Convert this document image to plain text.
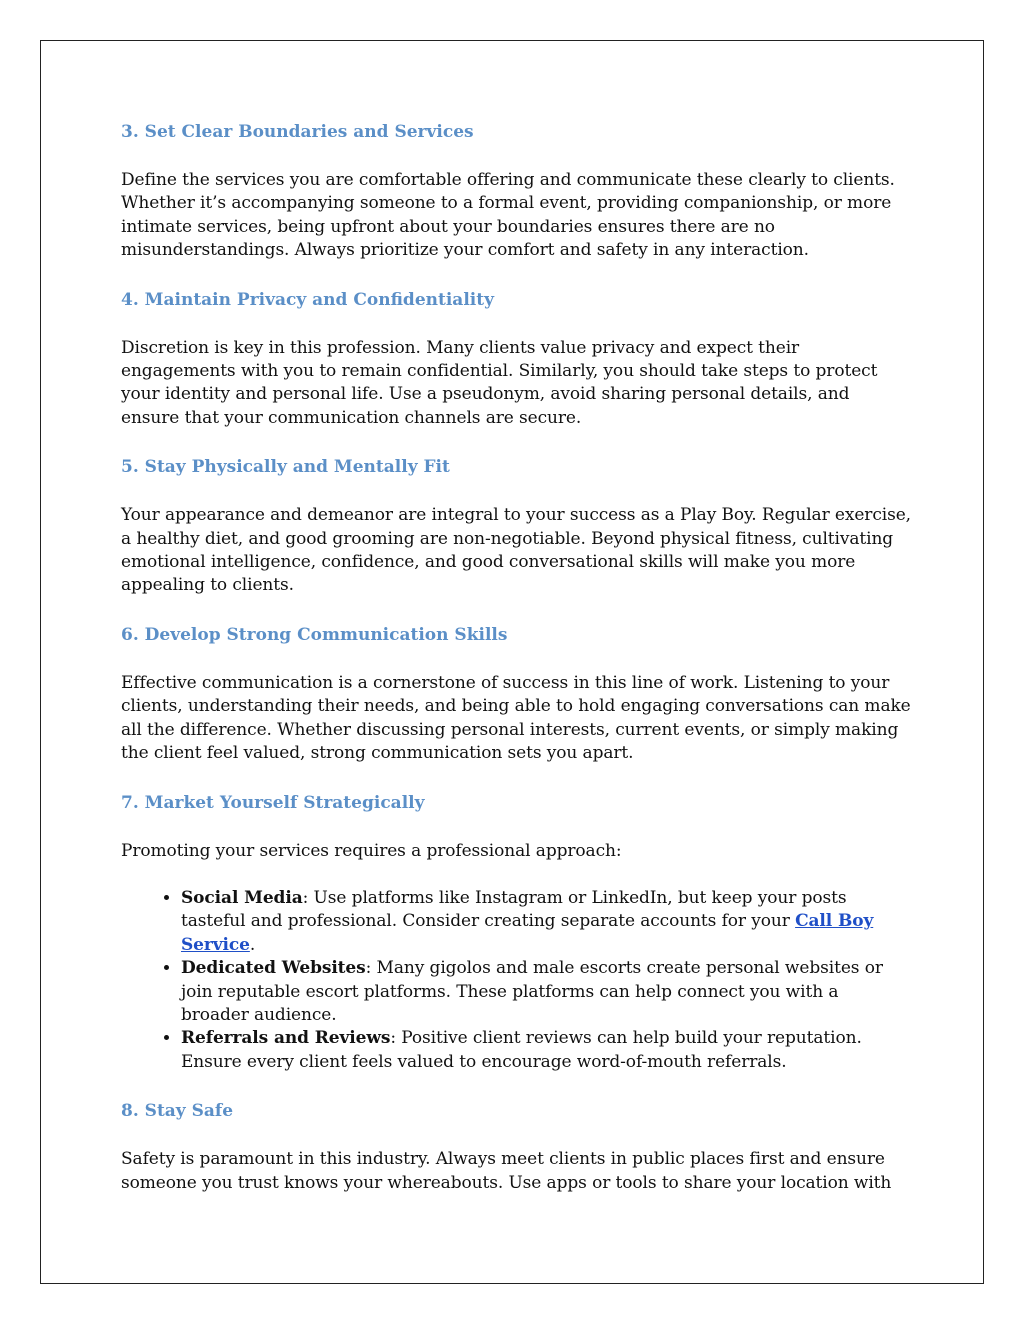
3. Set Clear Boundaries and Services

Define the services you are comfortable offering and communicate these clearly to clients. Whether it’s accompanying someone to a formal event, providing companionship, or more intimate services, being upfront about your boundaries ensures there are no misunderstandings. Always prioritize your comfort and safety in any interaction.

4. Maintain Privacy and Confidentiality

Discretion is key in this profession. Many clients value privacy and expect their engagements with you to remain confidential. Similarly, you should take steps to protect your identity and personal life. Use a pseudonym, avoid sharing personal details, and ensure that your communication channels are secure.

5. Stay Physically and Mentally Fit

Your appearance and demeanor are integral to your success as a Play Boy. Regular exercise, a healthy diet, and good grooming are non-negotiable. Beyond physical fitness, cultivating emotional intelligence, confidence, and good conversational skills will make you more appealing to clients.

6. Develop Strong Communication Skills

Effective communication is a cornerstone of success in this line of work. Listening to your clients, understanding their needs, and being able to hold engaging conversations can make all the difference. Whether discussing personal interests, current events, or simply making the client feel valued, strong communication sets you apart.

7. Market Yourself Strategically

Promoting your services requires a professional approach:

• Social Media: Use platforms like Instagram or LinkedIn, but keep your posts tasteful and professional. Consider creating separate accounts for your Call Boy Service.
• Dedicated Websites: Many gigolos and male escorts create personal websites or join reputable escort platforms. These platforms can help connect you with a broader audience.
• Referrals and Reviews: Positive client reviews can help build your reputation. Ensure every client feels valued to encourage word-of-mouth referrals.
8. Stay Safe

Safety is paramount in this industry. Always meet clients in public places first and ensure someone you trust knows your whereabouts. Use apps or tools to share your location with
